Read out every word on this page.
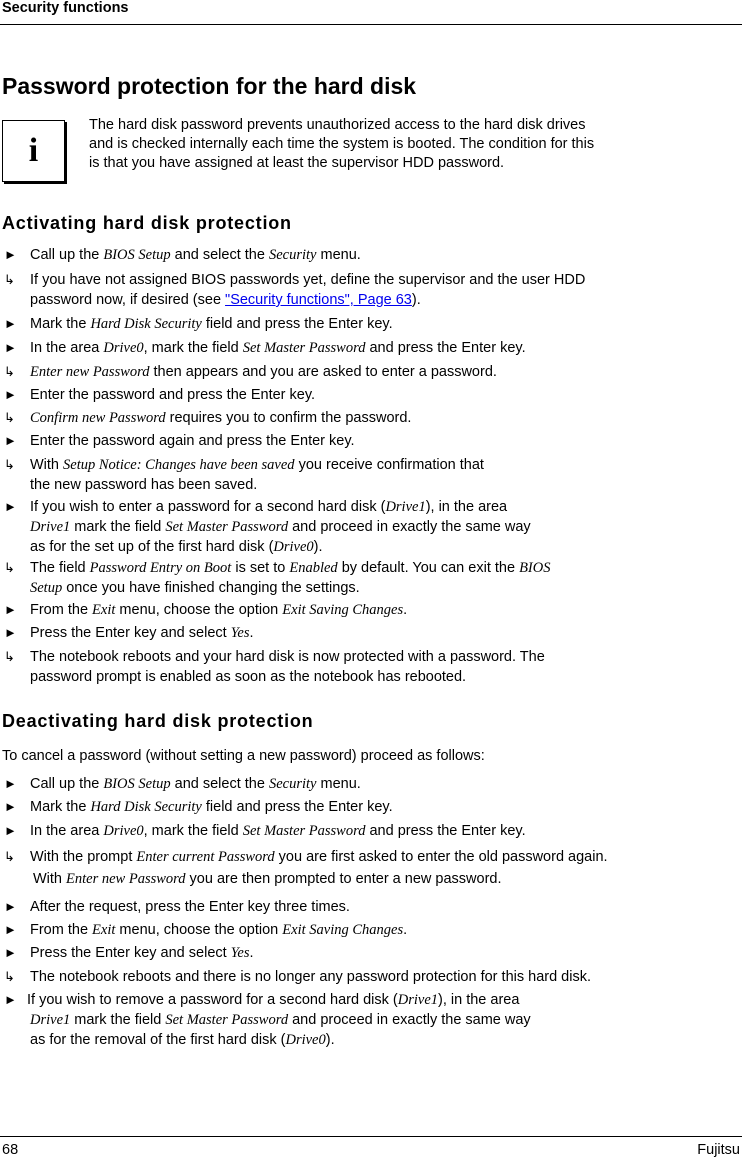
Security functions
Password protection for the hard disk
i
The hard disk password prevents unauthorized access to the hard disk drives
and is checked internally each time the system is booted. The condition for this
is that you have assigned at least the supervisor HDD password.
Activating hard disk protection
► Call up the BIOS Setup and select the Security menu.
↳ If you have not assigned BIOS passwords yet, define the supervisor and the user HDD
password now, if desired (see "Security functions", Page 63).
► Mark the Hard Disk Security field and press the Enter key.
► In the area Drive0, mark the field Set Master Password and press the Enter key.
↳ Enter new Password then appears and you are asked to enter a password.
► Enter the password and press the Enter key.
↳ Confirm new Password requires you to confirm the password.
► Enter the password again and press the Enter key.
↳ With Setup Notice: Changes have been saved you receive confirmation that
the new password has been saved.
► If you wish to enter a password for a second hard disk (Drive1), in the area
Drive1 mark the field Set Master Password and proceed in exactly the same way
as for the set up of the first hard disk (Drive0).
↳ The field Password Entry on Boot is set to Enabled by default. You can exit the BIOS
Setup once you have finished changing the settings.
► From the Exit menu, choose the option Exit Saving Changes.
► Press the Enter key and select Yes.
↳ The notebook reboots and your hard disk is now protected with a password. The
password prompt is enabled as soon as the notebook has rebooted.
Deactivating hard disk protection
To cancel a password (without setting a new password) proceed as follows:
► Call up the BIOS Setup and select the Security menu.
► Mark the Hard Disk Security field and press the Enter key.
► In the area Drive0, mark the field Set Master Password and press the Enter key.
↳ With the prompt Enter current Password you are first asked to enter the old password again.
With Enter new Password you are then prompted to enter a new password.
► After the request, press the Enter key three times.
► From the Exit menu, choose the option Exit Saving Changes.
► Press the Enter key and select Yes.
↳ The notebook reboots and there is no longer any password protection for this hard disk.
► If you wish to remove a password for a second hard disk (Drive1), in the area
Drive1 mark the field Set Master Password and proceed in exactly the same way
as for the removal of the first hard disk (Drive0).
68	Fujitsu
